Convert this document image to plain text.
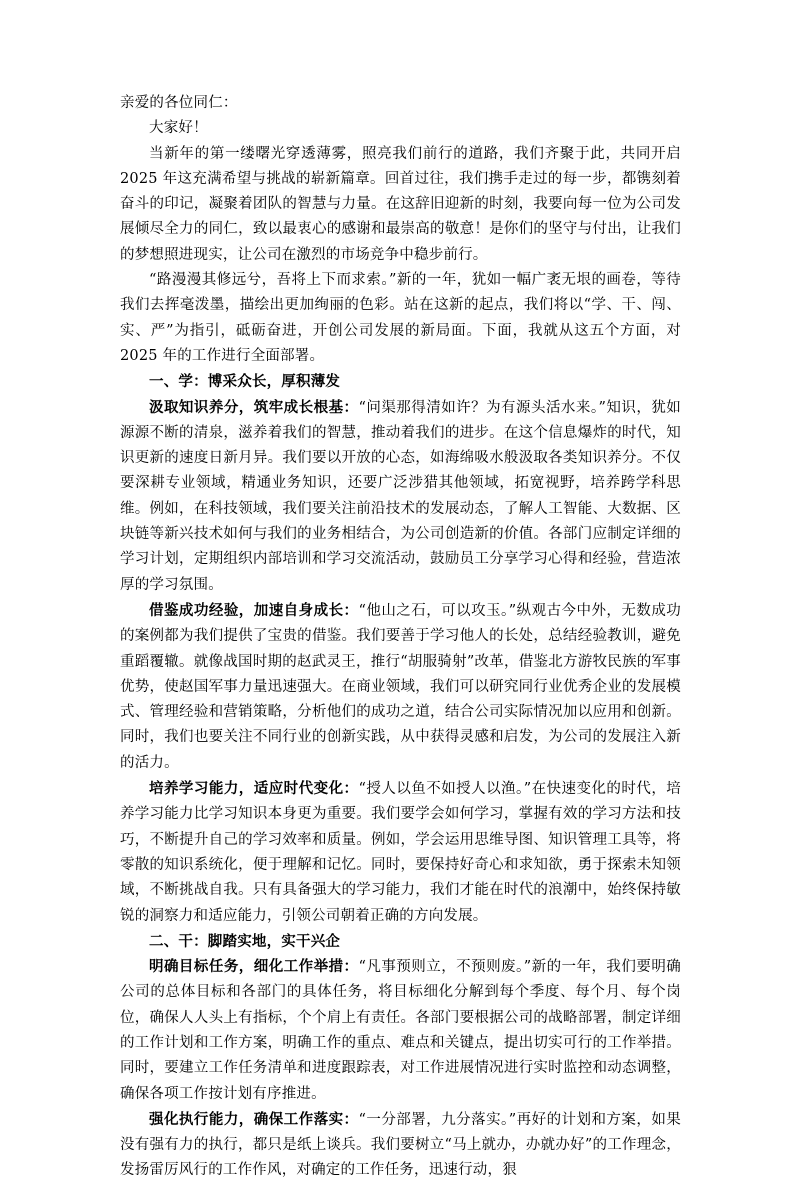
亲爱的各位同仁：

大家好！

当新年的第一缕曙光穿透薄雾，照亮我们前行的道路，我们齐聚于此，共同开启 2025 年这充满希望与挑战的崭新篇章。回首过往，我们携手走过的每一步，都镌刻着奋斗的印记，凝聚着团队的智慧与力量。在这辞旧迎新的时刻，我要向每一位为公司发展倾尽全力的同仁，致以最衷心的感谢和最崇高的敬意！是你们的坚守与付出，让我们的梦想照进现实，让公司在激烈的市场竞争中稳步前行。

“路漫漫其修远兮，吾将上下而求索。”新的一年，犹如一幅广袤无垠的画卷，等待我们去挥毫泼墨，描绘出更加绚丽的色彩。站在这新的起点，我们将以“学、干、闯、实、严”为指引，砥砺奋进，开创公司发展的新局面。下面，我就从这五个方面，对 2025 年的工作进行全面部署。

一、学：博采众长，厚积薄发

汲取知识养分，筑牢成长根基：“问渠那得清如许？为有源头活水来。”知识，犹如源源不断的清泉，滋养着我们的智慧，推动着我们的进步。在这个信息爆炸的时代，知识更新的速度日新月异。我们要以开放的心态，如海绵吸水般汲取各类知识养分。不仅要深耕专业领域，精通业务知识，还要广泛涉猎其他领域，拓宽视野，培养跨学科思维。例如，在科技领域，我们要关注前沿技术的发展动态，了解人工智能、大数据、区块链等新兴技术如何与我们的业务相结合，为公司创造新的价值。各部门应制定详细的学习计划，定期组织内部培训和学习交流活动，鼓励员工分享学习心得和经验，营造浓厚的学习氛围。

借鉴成功经验，加速自身成长：“他山之石，可以攻玉。”纵观古今中外，无数成功的案例都为我们提供了宝贵的借鉴。我们要善于学习他人的长处，总结经验教训，避免重蹈覆辙。就像战国时期的赵武灵王，推行“胡服骑射”改革，借鉴北方游牧民族的军事优势，使赵国军事力量迅速强大。在商业领域，我们可以研究同行业优秀企业的发展模式、管理经验和营销策略，分析他们的成功之道，结合公司实际情况加以应用和创新。同时，我们也要关注不同行业的创新实践，从中获得灵感和启发，为公司的发展注入新的活力。

培养学习能力，适应时代变化：“授人以鱼不如授人以渔。”在快速变化的时代，培养学习能力比学习知识本身更为重要。我们要学会如何学习，掌握有效的学习方法和技巧，不断提升自己的学习效率和质量。例如，学会运用思维导图、知识管理工具等，将零散的知识系统化，便于理解和记忆。同时，要保持好奇心和求知欲，勇于探索未知领域，不断挑战自我。只有具备强大的学习能力，我们才能在时代的浪潮中，始终保持敏锐的洞察力和适应能力，引领公司朝着正确的方向发展。

二、干：脚踏实地，实干兴企

明确目标任务，细化工作举措：“凡事预则立，不预则废。”新的一年，我们要明确公司的总体目标和各部门的具体任务，将目标细化分解到每个季度、每个月、每个岗位，确保人人头上有指标，个个肩上有责任。各部门要根据公司的战略部署，制定详细的工作计划和工作方案，明确工作的重点、难点和关键点，提出切实可行的工作举措。同时，要建立工作任务清单和进度跟踪表，对工作进展情况进行实时监控和动态调整，确保各项工作按计划有序推进。

强化执行能力，确保工作落实：“一分部署，九分落实。”再好的计划和方案，如果没有强有力的执行，都只是纸上谈兵。我们要树立“马上就办，办就办好”的工作理念，发扬雷厉风行的工作作风，对确定的工作任务，迅速行动，狠
